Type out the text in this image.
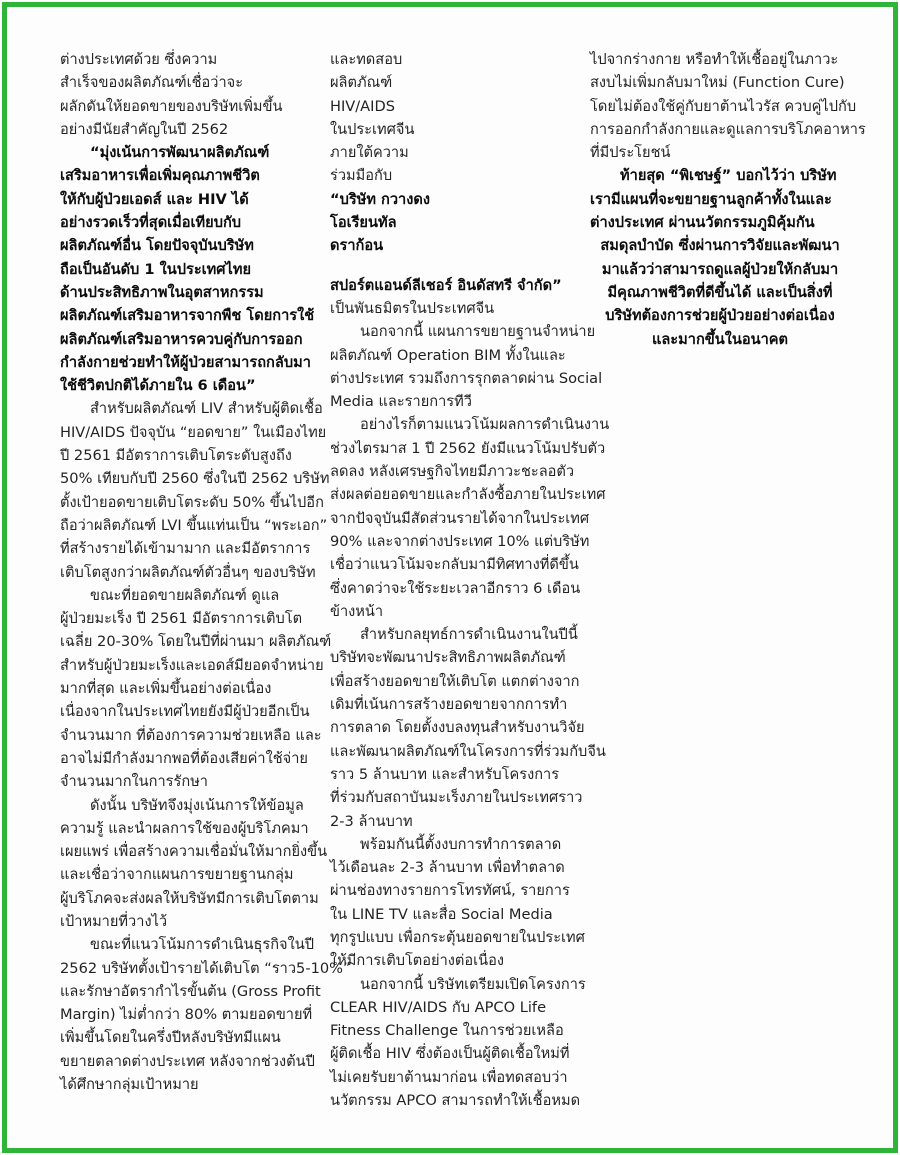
ต่างประเทศด้วย ซึ่งความ
สำเร็จของผลิตภัณฑ์เชื่อว่าจะ
ผลักดันให้ยอดขายของบริษัทเพิ่มขึ้น
อย่างมีนัยสำคัญในปี 2562
“มุ่งเน้นการพัฒนาผลิตภัณฑ์
เสริมอาหารเพื่อเพิ่มคุณภาพชีวิต
ให้กับผู้ป่วยเอดส์ และ HIV ได้
อย่างรวดเร็วที่สุดเมื่อเทียบกับ
ผลิตภัณฑ์อื่น โดยปัจจุบันบริษัท
ถือเป็นอันดับ 1 ในประเทศไทย
ด้านประสิทธิภาพในอุตสาหกรรม
ผลิตภัณฑ์เสริมอาหารจากพืช โดยการใช้
ผลิตภัณฑ์เสริมอาหารควบคู่กับการออก
กำลังกายช่วยทำให้ผู้ป่วยสามารถกลับมา
ใช้ชีวิตปกติได้ภายใน 6 เดือน”
สำหรับผลิตภัณฑ์ LIV สำหรับผู้ติดเชื้อ
HIV/AIDS ปัจจุบัน “ยอดขาย” ในเมืองไทย
ปี 2561 มีอัตราการเติบโตระดับสูงถึง
50% เทียบกับปี 2560 ซึ่งในปี 2562 บริษัท
ตั้งเป้ายอดขายเติบโตระดับ 50% ขึ้นไปอีก
ถือว่าผลิตภัณฑ์ LVI ขึ้นแท่นเป็น “พระเอก”
ที่สร้างรายได้เข้ามามาก และมีอัตราการ
เติบโตสูงกว่าผลิตภัณฑ์ตัวอื่นๆ ของบริษัท
ขณะที่ยอดขายผลิตภัณฑ์ ดูแล
ผู้ป่วยมะเร็ง ปี 2561 มีอัตราการเติบโต
เฉลี่ย 20-30% โดยในปีที่ผ่านมา ผลิตภัณฑ์
สำหรับผู้ป่วยมะเร็งและเอดส์มียอดจำหน่าย
มากที่สุด และเพิ่มขึ้นอย่างต่อเนื่อง
เนื่องจากในประเทศไทยยังมีผู้ป่วยอีกเป็น
จำนวนมาก ที่ต้องการความช่วยเหลือ และ
อาจไม่มีกำลังมากพอที่ต้องเสียค่าใช้จ่าย
จำนวนมากในการรักษา
ดังนั้น บริษัทจึงมุ่งเน้นการให้ข้อมูล
ความรู้ และนำผลการใช้ของผู้บริโภคมา
เผยแพร่ เพื่อสร้างความเชื่อมั่นให้มากยิ่งขึ้น
และเชื่อว่าจากแผนการขยายฐานกลุ่ม
ผู้บริโภคจะส่งผลให้บริษัทมีการเติบโตตาม
เป้าหมายที่วางไว้
ขณะที่แนวโน้มการดำเนินธุรกิจในปี
2562 บริษัทตั้งเป้ารายได้เติบโต “ราว5-10%”
และรักษาอัตรากำไรขั้นต้น (Gross Profit
Margin) ไม่ต่ำกว่า 80% ตามยอดขายที่
เพิ่มขึ้นโดยในครึ่งปีหลังบริษัทมีแผน
ขยายตลาดต่างประเทศ หลังจากช่วงต้นปี
ได้ศึกษากลุ่มเป้าหมาย
และทดสอบ
ผลิตภัณฑ์
HIV/AIDS
ในประเทศจีน
ภายใต้ความ
ร่วมมือกับ
“บริษัท กวางดง
โอเรียนทัล
ดราก้อน
สปอร์ตแอนด์ลีเชอร์ อินดัสทรี จำกัด”
เป็นพันธมิตรในประเทศจีน
นอกจากนี้ แผนการขยายฐานจำหน่าย
ผลิตภัณฑ์ Operation BIM ทั้งในและ
ต่างประเทศ รวมถึงการรุกตลาดผ่าน Social
Media และรายการทีวี
อย่างไรก็ตามแนวโน้มผลการดำเนินงาน
ช่วงไตรมาส 1 ปี 2562 ยังมีแนวโน้มปรับตัว
ลดลง หลังเศรษฐกิจไทยมีภาวะชะลอตัว
ส่งผลต่อยอดขายและกำลังซื้อภายในประเทศ
จากปัจจุบันมีสัดส่วนรายได้จากในประเทศ
90% และจากต่างประเทศ 10% แต่บริษัท
เชื่อว่าแนวโน้มจะกลับมามีทิศทางที่ดีขึ้น
ซึ่งคาดว่าจะใช้ระยะเวลาอีกราว 6 เดือน
ข้างหน้า
สำหรับกลยุทธ์การดำเนินงานในปีนี้
บริษัทจะพัฒนาประสิทธิภาพผลิตภัณฑ์
เพื่อสร้างยอดขายให้เติบโต แตกต่างจาก
เดิมที่เน้นการสร้างยอดขายจากการทำ
การตลาด โดยตั้งงบลงทุนสำหรับงานวิจัย
และพัฒนาผลิตภัณฑ์ในโครงการที่ร่วมกับจีน
ราว 5 ล้านบาท และสำหรับโครงการ
ที่ร่วมกับสถาบันมะเร็งภายในประเทศราว
2-3 ล้านบาท
พร้อมกันนี้ตั้งงบการทำการตลาด
ไว้เดือนละ 2-3 ล้านบาท เพื่อทำตลาด
ผ่านช่องทางรายการโทรทัศน์, รายการ
ใน LINE TV และสื่อ Social Media
ทุกรูปแบบ เพื่อกระตุ้นยอดขายในประเทศ
ให้มีการเติบโตอย่างต่อเนื่อง
นอกจากนี้ บริษัทเตรียมเปิดโครงการ
CLEAR HIV/AIDS กับ APCO Life
Fitness Challenge ในการช่วยเหลือ
ผู้ติดเชื้อ HIV ซึ่งต้องเป็นผู้ติดเชื้อใหม่ที่
ไม่เคยรับยาต้านมาก่อน เพื่อทดสอบว่า
นวัตกรรม APCO สามารถทำให้เชื้อหมด
ไปจากร่างกาย หรือทำให้เชื้ออยู่ในภาวะ
สงบไม่เพิ่มกลับมาใหม่ (Function Cure)
โดยไม่ต้องใช้คู่กับยาต้านไวรัส ควบคู่ไปกับ
การออกกำลังกายและดูแลการบริโภคอาหาร
ที่มีประโยชน์
ท้ายสุด “พิเชษฐ์” บอกไว้ว่า บริษัท
เรามีแผนที่จะขยายฐานลูกค้าทั้งในและ
ต่างประเทศ ผ่านนวัตกรรมภูมิคุ้มกัน
สมดุลบำบัด ซึ่งผ่านการวิจัยและพัฒนา
มาแล้วว่าสามารถดูแลผู้ป่วยให้กลับมา
มีคุณภาพชีวิตที่ดีขึ้นได้ และเป็นสิ่งที่
บริษัทต้องการช่วยผู้ป่วยอย่างต่อเนื่อง
และมากขึ้นในอนาคต
